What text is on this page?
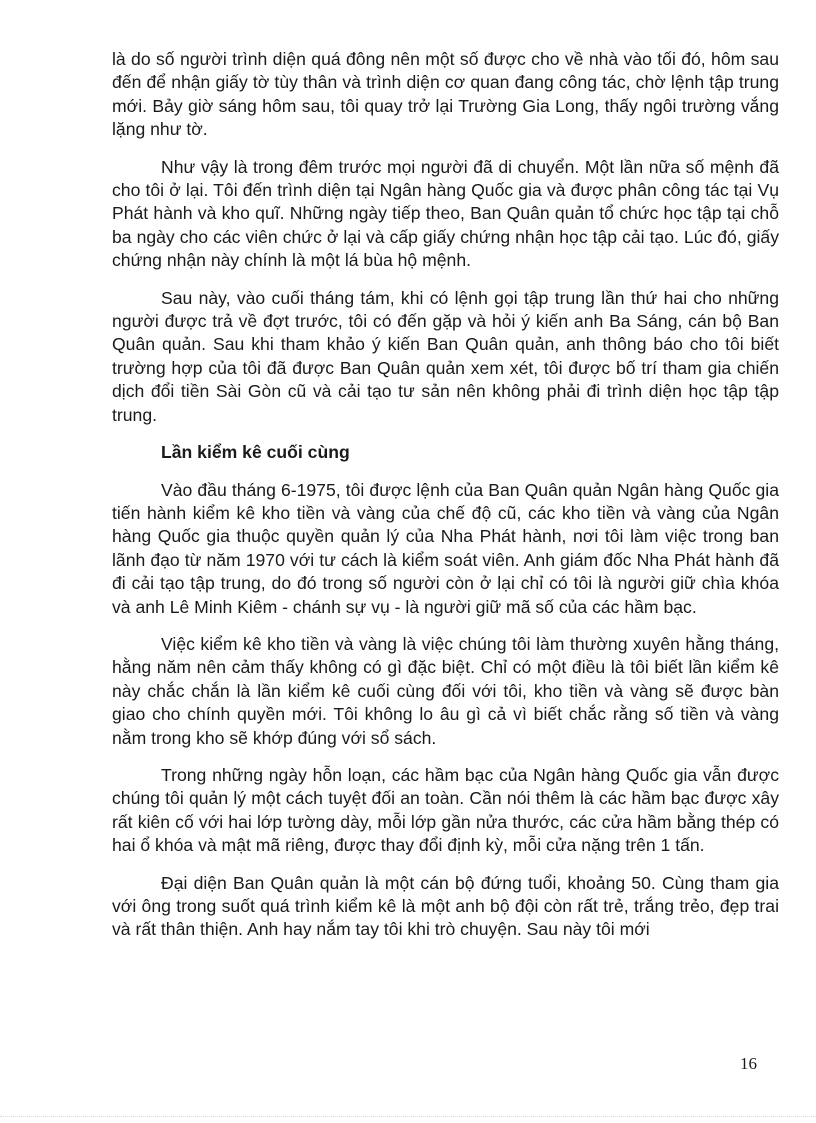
là do số người trình diện quá đông nên một số được cho về nhà vào tối đó, hôm sau đến để nhận giấy tờ tùy thân và trình diện cơ quan đang công tác, chờ lệnh tập trung mới. Bảy giờ sáng hôm sau, tôi quay trở lại Trường Gia Long, thấy ngôi trường vắng lặng như tờ.

Như vậy là trong đêm trước mọi người đã di chuyển. Một lần nữa số mệnh đã cho tôi ở lại. Tôi đến trình diện tại Ngân hàng Quốc gia và được phân công tác tại Vụ Phát hành và kho quĩ. Những ngày tiếp theo, Ban Quân quản tổ chức học tập tại chỗ ba ngày cho các viên chức ở lại và cấp giấy chứng nhận học tập cải tạo. Lúc đó, giấy chứng nhận này chính là một lá bùa hộ mệnh.

Sau này, vào cuối tháng tám, khi có lệnh gọi tập trung lần thứ hai cho những người được trả về đợt trước, tôi có đến gặp và hỏi ý kiến anh Ba Sáng, cán bộ Ban Quân quản. Sau khi tham khảo ý kiến Ban Quân quản, anh thông báo cho tôi biết trường hợp của tôi đã được Ban Quân quản xem xét, tôi được bố trí tham gia chiến dịch đổi tiền Sài Gòn cũ và cải tạo tư sản nên không phải đi trình diện học tập tập trung.

Lần kiểm kê cuối cùng

Vào đầu tháng 6-1975, tôi được lệnh của Ban Quân quản Ngân hàng Quốc gia tiến hành kiểm kê kho tiền và vàng của chế độ cũ, các kho tiền và vàng của Ngân hàng Quốc gia thuộc quyền quản lý của Nha Phát hành, nơi tôi làm việc trong ban lãnh đạo từ năm 1970 với tư cách là kiểm soát viên. Anh giám đốc Nha Phát hành đã đi cải tạo tập trung, do đó trong số người còn ở lại chỉ có tôi là người giữ chìa khóa và anh Lê Minh Kiêm - chánh sự vụ - là người giữ mã số của các hầm bạc.

Việc kiểm kê kho tiền và vàng là việc chúng tôi làm thường xuyên hằng tháng, hằng năm nên cảm thấy không có gì đặc biệt. Chỉ có một điều là tôi biết lần kiểm kê này chắc chắn là lần kiểm kê cuối cùng đối với tôi, kho tiền và vàng sẽ được bàn giao cho chính quyền mới. Tôi không lo âu gì cả vì biết chắc rằng số tiền và vàng nằm trong kho sẽ khớp đúng với sổ sách.

Trong những ngày hỗn loạn, các hầm bạc của Ngân hàng Quốc gia vẫn được chúng tôi quản lý một cách tuyệt đối an toàn. Cần nói thêm là các hầm bạc được xây rất kiên cố với hai lớp tường dày, mỗi lớp gần nửa thước, các cửa hầm bằng thép có hai ổ khóa và mật mã riêng, được thay đổi định kỳ, mỗi cửa nặng trên 1 tấn.

Đại diện Ban Quân quản là một cán bộ đứng tuổi, khoảng 50. Cùng tham gia với ông trong suốt quá trình kiểm kê là một anh bộ đội còn rất trẻ, trắng trẻo, đẹp trai và rất thân thiện. Anh hay nắm tay tôi khi trò chuyện. Sau này tôi mới

16
